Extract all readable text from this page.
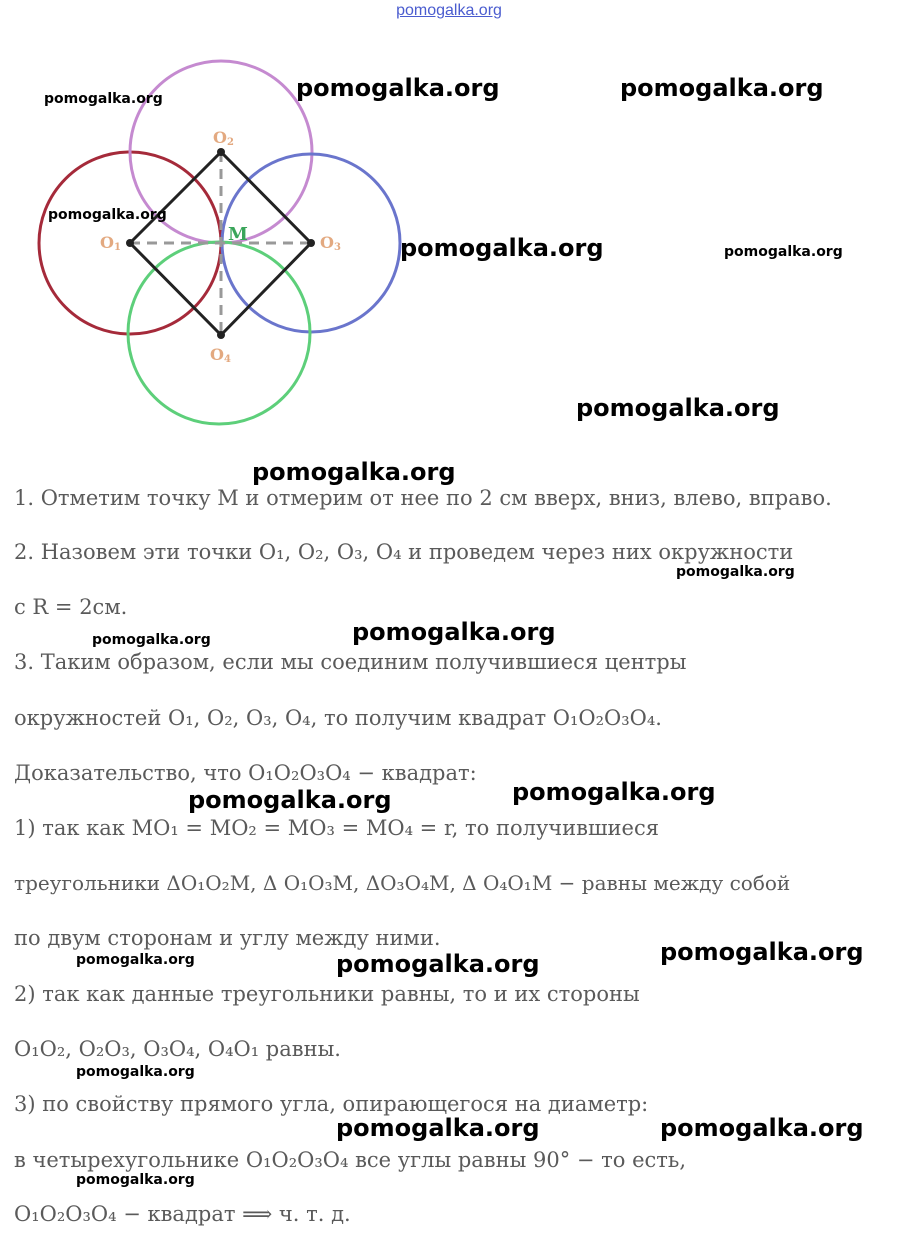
pomogalka.org
O1
O2
O3
O4
M
pomogalka.org	pomogalka.org	pomogalka.org
pomogalka.org
pomogalka.org	pomogalka.org
pomogalka.org
pomogalka.org
pomogalka.org
pomogalka.org	pomogalka.org
pomogalka.org	pomogalka.org
pomogalka.org	pomogalka.org	pomogalka.org
pomogalka.org
pomogalka.org	pomogalka.org
pomogalka.org
1. Отметим точку M и отмерим от нее по 2 см вверх, вниз, влево, вправо.
2. Назовем эти точки O₁, O₂, O₃, O₄ и проведем через них окружности
с R = 2см.
3. Таким образом, если мы соединим получившиеся центры
окружностей O₁, O₂, O₃, O₄, то получим квадрат O₁O₂O₃O₄.
Доказательство, что O₁O₂O₃O₄ − квадрат:
1) так как MO₁ = MO₂ = MO₃ = MO₄ = r, то получившиеся
треугольники ΔO₁O₂M, Δ O₁O₃M, ΔO₃O₄M, Δ O₄O₁M − равны между собой
по двум сторонам и углу между ними.
2) так как данные треугольники равны, то и их стороны
O₁O₂, O₂O₃, O₃O₄, O₄O₁ равны.
3) по свойству прямого угла, опирающегося на диаметр:
в четырехугольнике O₁O₂O₃O₄ все углы равны 90° − то есть,
O₁O₂O₃O₄ − квадрат ⟹ ч. т. д.
